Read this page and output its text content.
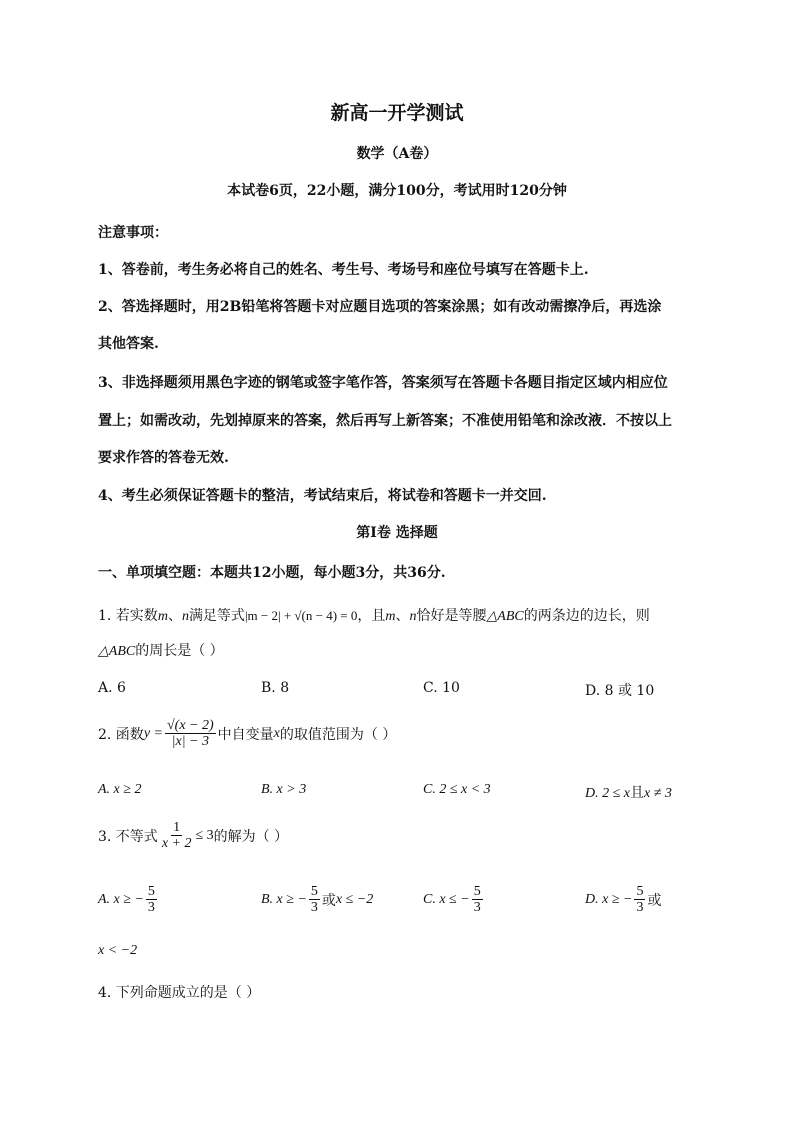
新高一开学测试
数学（A卷）
本试卷6页，22小题，满分100分，考试用时120分钟
注意事项：
1、答卷前，考生务必将自己的姓名、考生号、考场号和座位号填写在答题卡上.
2、答选择题时，用2B铅笔将答题卡对应题目选项的答案涂黑；如有改动需擦净后，再选涂
其他答案.
3、非选择题须用黑色字迹的钢笔或签字笔作答，答案须写在答题卡各题目指定区域内相应位
置上；如需改动，先划掉原来的答案，然后再写上新答案；不准使用铅笔和涂改液．不按以上
要求作答的答卷无效.
4、考生必须保证答题卡的整洁，考试结束后，将试卷和答题卡一并交回.
第Ⅰ卷 选择题
一、单项填空题：本题共12小题，每小题3分，共36分.
1. 若实数m、n满足等式|m − 2| + √(n − 4) = 0，且m、n恰好是等腰△ABC的两条边的边长，则
△ABC的周长是（ ）
A. 6	B. 8	C. 10	D. 8 或 10
2. 函数 $y = \frac{√(x - 2)}{|x| - 3}$ 中自变量 x 的取值范围为（ ）
A. x ≥ 2	B. x > 3	C. 2 ≤ x < 3	D. 2 ≤ x且x ≠ 3
3. 不等式 $\frac{1}{x + 2} \le 3$ 的解为（ ）
A. x ≥ − $\frac{5}{3}$	B. x ≥ − $\frac{5}{3}$ 或 x ≤ −2	C. x ≤ − $\frac{5}{3}$	D. x ≥ − $\frac{5}{3}$ 或
x < −2
4. 下列命题成立的是（ ）
